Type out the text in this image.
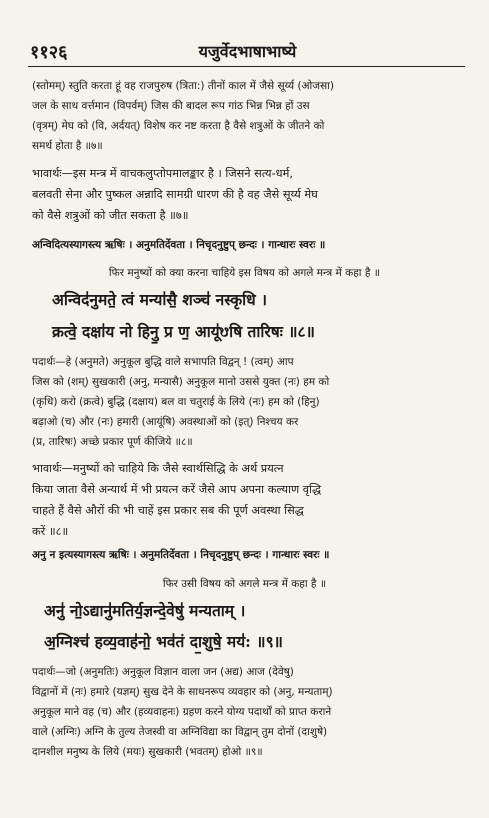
११२६	यजुर्वेदभाषाभाष्ये
(स्तोमम्) स्तुति करता हूं वह राजपुरुष (त्रिता:) तीनों काल में जैसे सूर्य्य (ओजसा)
जल के साथ वर्त्तमान (विपर्वम्) जिस की बादल रूप गांठ भिन्न भिन्न हों उस
(वृत्रम्) मेघ को (वि, अर्दयत्) विशेष कर नष्ट करता है वैसे शत्रुओं के जीतने को
समर्थ होता है ॥७॥
भावार्थः—इस मन्त्र में वाचकलुप्तोपमालङ्कार है । जिसने सत्य-धर्म,
बलवती सेना और पुष्कल अन्नादि सामग्री धारण की है वह जैसे सूर्य्य मेघ
को वैसे शत्रुओं को जीत सकता है ॥७॥
अन्विदित्यस्यागस्त्य ऋषिः । अनुमतिर्देवता । निचृदनुष्टुप् छन्दः । गान्धारः स्वरः ॥
फिर मनुष्यों को क्या करना चाहिये इस विषय को अगले मन्त्र में कहा है ॥
अन्विद॑नुमते॒ त्वं मन्या॑सै॒ शञ्च॑ नस्कृधि ।
क्रत्वे॒ दक्षा॑य नो हिनु॒ प्र ण॒ आयू॑ᳪषि तारिषः ॥८॥
पदार्थः—हे (अनुमते) अनुकूल बुद्धि वाले सभापति विद्वन् ! (त्वम्) आप
जिस को (शम्) सुखकारी (अनु, मन्यासै) अनुकूल मानो उससे युक्त (नः) हम को
(कृधि) करो (क्रत्वे) बुद्धि (दक्षाय) बल वा चतुराई के लिये (नः) हम को (हिनु)
बढ़ाओ (च) और (नः) हमारी (आयूंषि) अवस्थाओं को (इत्) निश्चय कर
(प्र, तारिषः) अच्छे प्रकार पूर्ण कीजिये ॥८॥
भावार्थः—मनुष्यों को चाहिये कि जैसे स्वार्थसिद्धि के अर्थ प्रयत्न
किया जाता वैसे अन्यार्थ में भी प्रयत्न करें जैसे आप अपना कल्याण वृद्धि
चाहते हैं वैसे औरों की भी चाहें इस प्रकार सब की पूर्ण अवस्था सिद्ध
करें ॥८॥
अनु न इत्यस्यागस्त्य ऋषिः । अनुमतिर्देवता । निचृदनुष्टुप् छन्दः । गान्धारः स्वरः ॥
फिर उसी विषय को अगले मन्त्र में कहा है ॥
अनु॑ नो॒ऽद्यानु॑मतिर्य॒ज्ञन्दे॒वेषु॑ मन्यताम् ।
अ॒ग्निश्च॑ हव्य॒वाह॑नो॒ भव॑तं दा॒शुषे॒ मय॑: ॥९॥
पदार्थः—जो (अनुमतिः) अनुकूल विज्ञान वाला जन (अद्य) आज (देवेषु)
विद्वानों में (नः) हमारे (यज्ञम्) सुख देने के साधनरूप व्यवहार को (अनु, मन्यताम्)
अनुकूल माने वह (च) और (हव्यवाहनः) ग्रहण करने योग्य पदार्थों को प्राप्त कराने
वाले (अग्निः) अग्नि के तुल्य तेजस्वी वा अग्निविद्या का विद्वान् तुम दोनों (दाशुषे)
दानशील मनुष्य के लिये (मयः) सुखकारी (भवतम्) होओ ॥९॥
